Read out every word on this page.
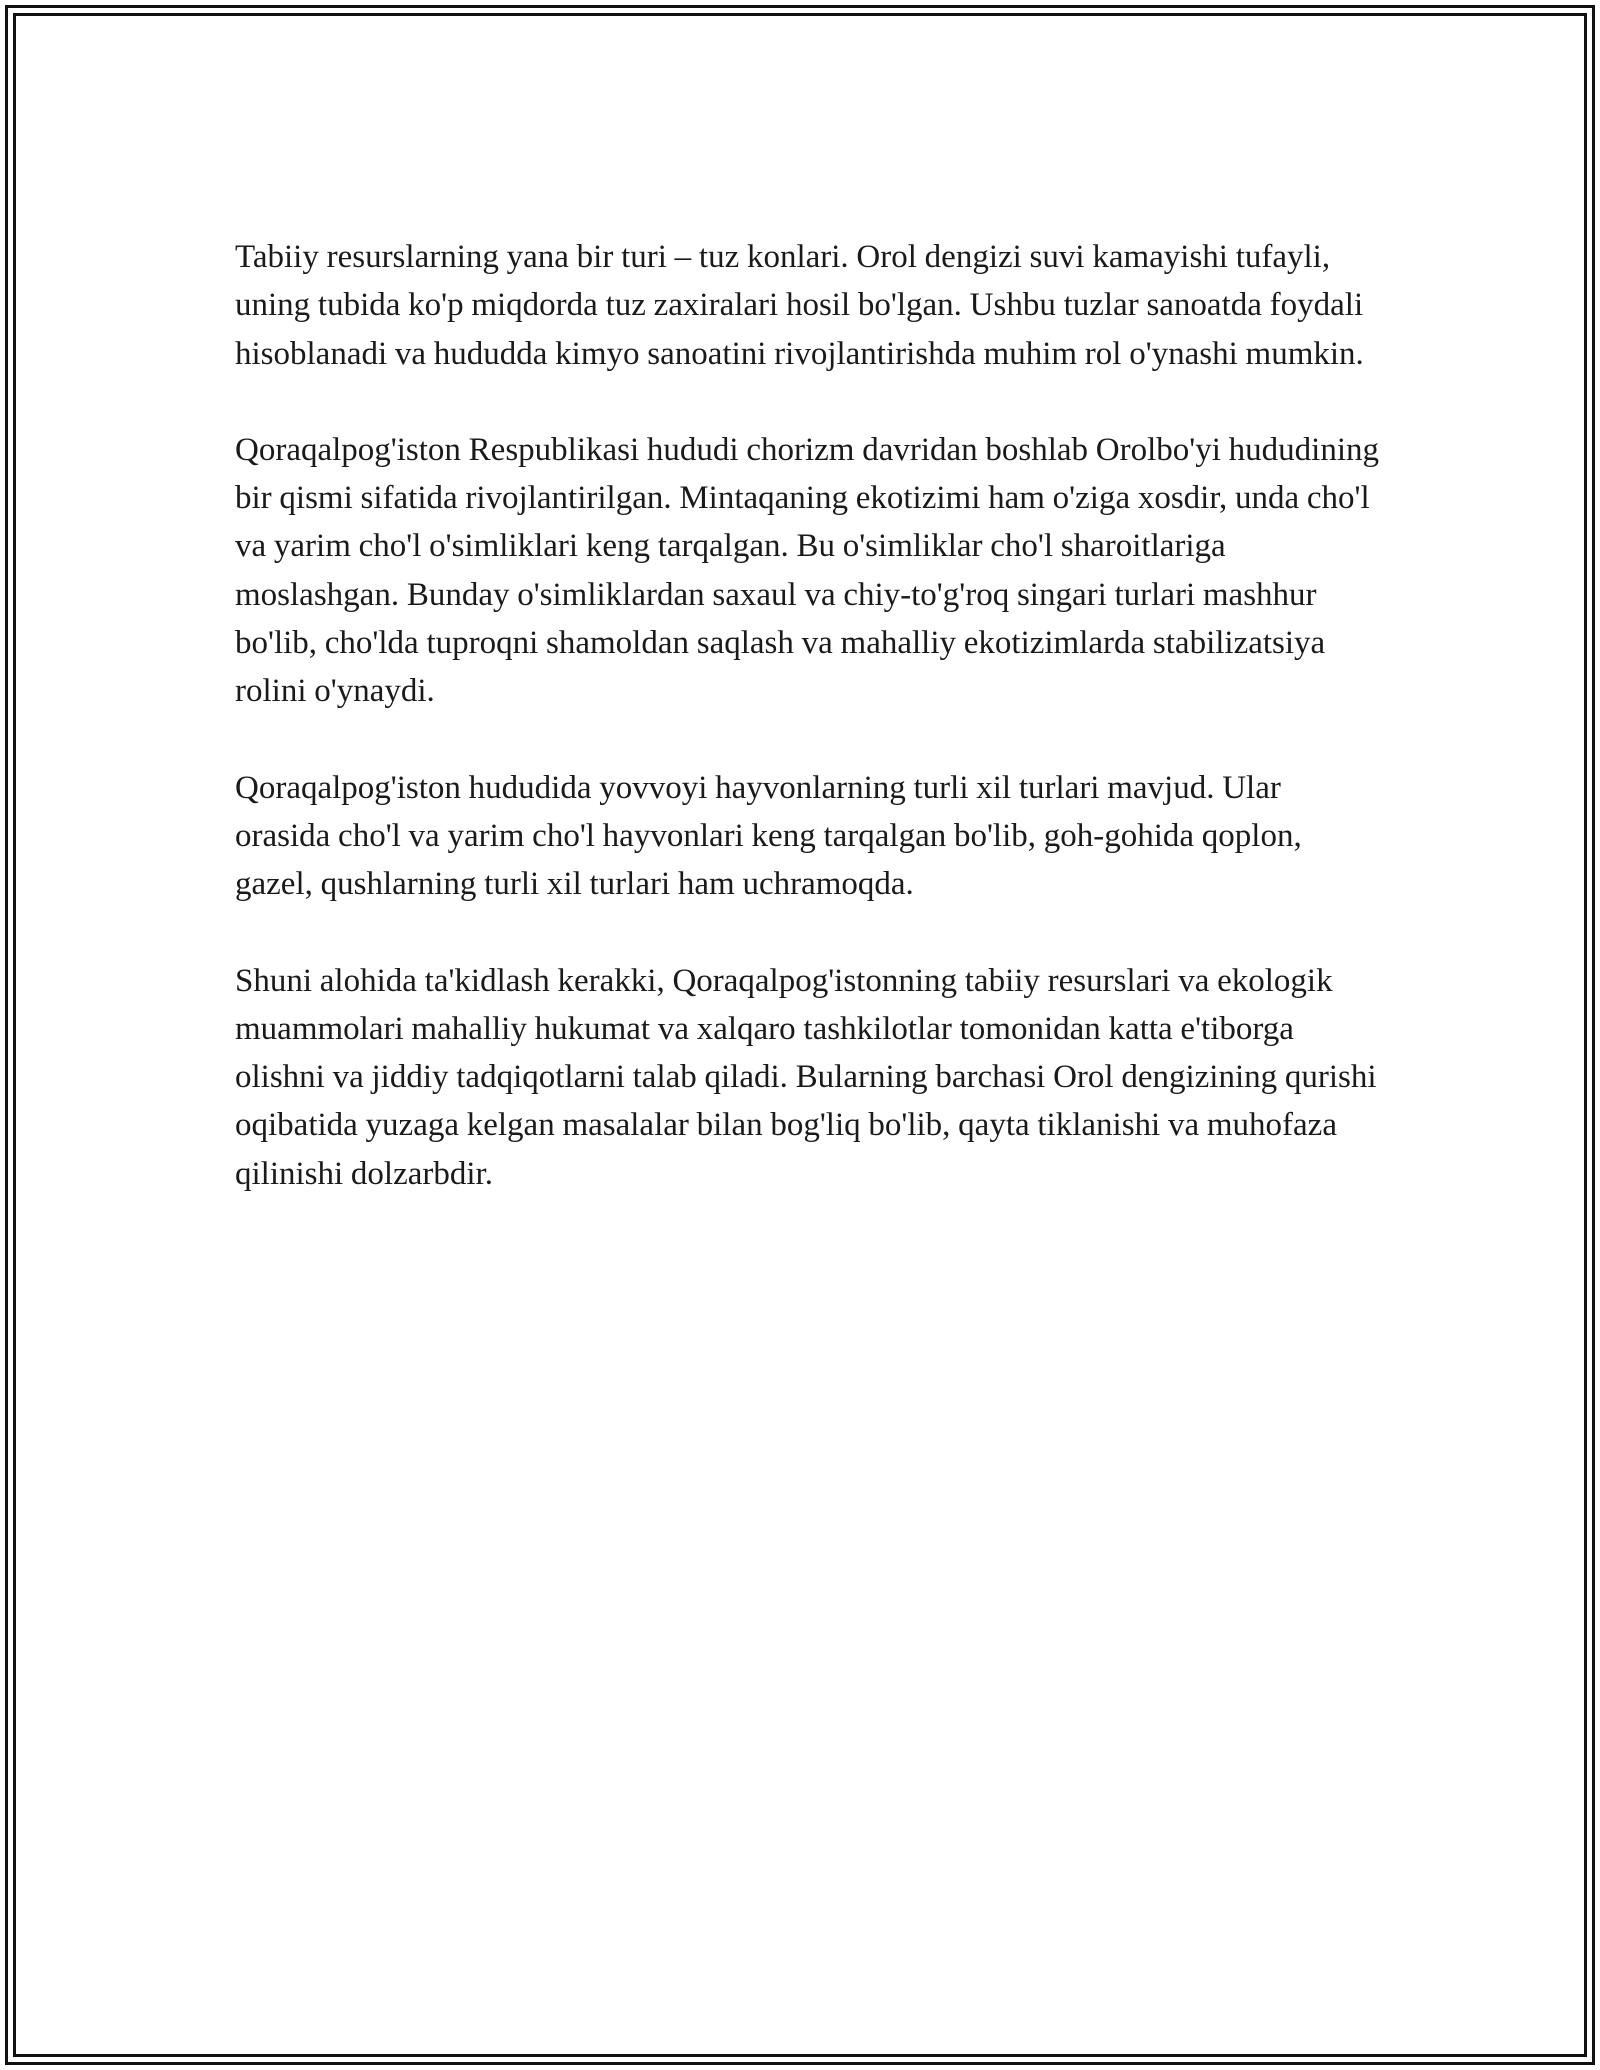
Tabiiy resurslarning yana bir turi – tuz konlari. Orol dengizi suvi kamayishi tufayli, uning tubida ko'p miqdorda tuz zaxiralari hosil bo'lgan. Ushbu tuzlar sanoatda foydali hisoblanadi va hududda kimyo sanoatini rivojlantirishda muhim rol o'ynashi mumkin.

Qoraqalpog'iston Respublikasi hududi chorizm davridan boshlab Orolbo'yi hududining bir qismi sifatida rivojlantirilgan. Mintaqaning ekotizimi ham o'ziga xosdir, unda cho'l va yarim cho'l o'simliklari keng tarqalgan. Bu o'simliklar cho'l sharoitlariga moslashgan. Bunday o'simliklardan saxaul va chiy-to'g'roq singari turlari mashhur bo'lib, cho'lda tuproqni shamoldan saqlash va mahalliy ekotizimlarda stabilizatsiya rolini o'ynaydi.

Qoraqalpog'iston hududida yovvoyi hayvonlarning turli xil turlari mavjud. Ular orasida cho'l va yarim cho'l hayvonlari keng tarqalgan bo'lib, goh-gohida qoplon, gazel, qushlarning turli xil turlari ham uchramoqda.

Shuni alohida ta'kidlash kerakki, Qoraqalpog'istonning tabiiy resurslari va ekologik muammolari mahalliy hukumat va xalqaro tashkilotlar tomonidan katta e'tiborga olishni va jiddiy tadqiqotlarni talab qiladi. Bularning barchasi Orol dengizining qurishi oqibatida yuzaga kelgan masalalar bilan bog'liq bo'lib, qayta tiklanishi va muhofaza qilinishi dolzarbdir.
